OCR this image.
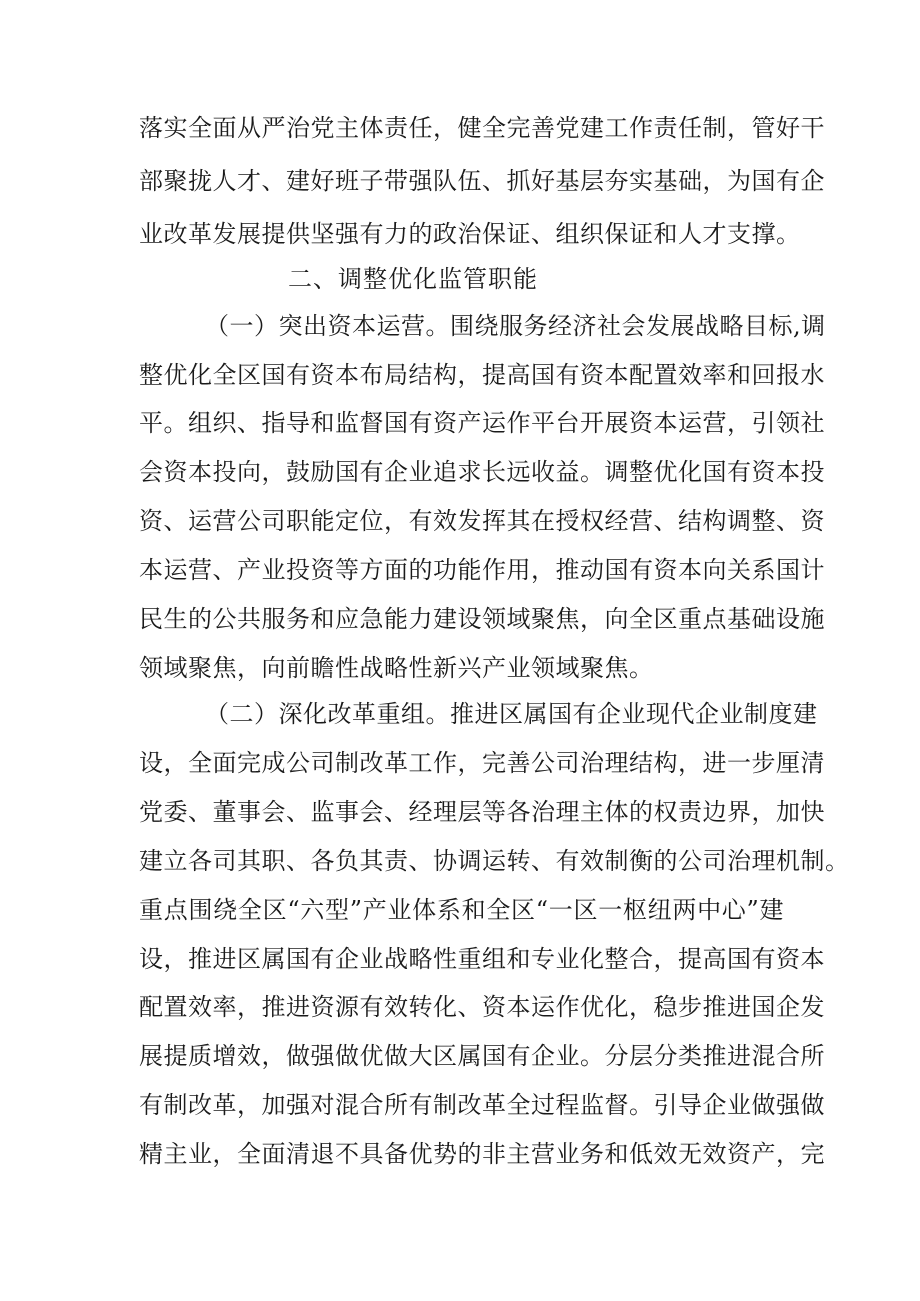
落实全面从严治党主体责任，健全完善党建工作责任制，管好干
部聚拢人才、建好班子带强队伍、抓好基层夯实基础，为国有企
业改革发展提供坚强有力的政治保证、组织保证和人才支撑。
二、调整优化监管职能
（一）突出资本运营。围绕服务经济社会发展战略目标,调
整优化全区国有资本布局结构，提高国有资本配置效率和回报水
平。组织、指导和监督国有资产运作平台开展资本运营，引领社
会资本投向，鼓励国有企业追求长远收益。调整优化国有资本投
资、运营公司职能定位，有效发挥其在授权经营、结构调整、资
本运营、产业投资等方面的功能作用，推动国有资本向关系国计
民生的公共服务和应急能力建设领域聚焦，向全区重点基础设施
领域聚焦，向前瞻性战略性新兴产业领域聚焦。
（二）深化改革重组。推进区属国有企业现代企业制度建
设，全面完成公司制改革工作，完善公司治理结构，进一步厘清
党委、董事会、监事会、经理层等各治理主体的权责边界，加快
建立各司其职、各负其责、协调运转、有效制衡的公司治理机制。
重点围绕全区“六型”产业体系和全区“一区一枢纽两中心”建
设，推进区属国有企业战略性重组和专业化整合，提高国有资本
配置效率，推进资源有效转化、资本运作优化，稳步推进国企发
展提质增效，做强做优做大区属国有企业。分层分类推进混合所
有制改革，加强对混合所有制改革全过程监督。引导企业做强做
精主业，全面清退不具备优势的非主营业务和低效无效资产，完
